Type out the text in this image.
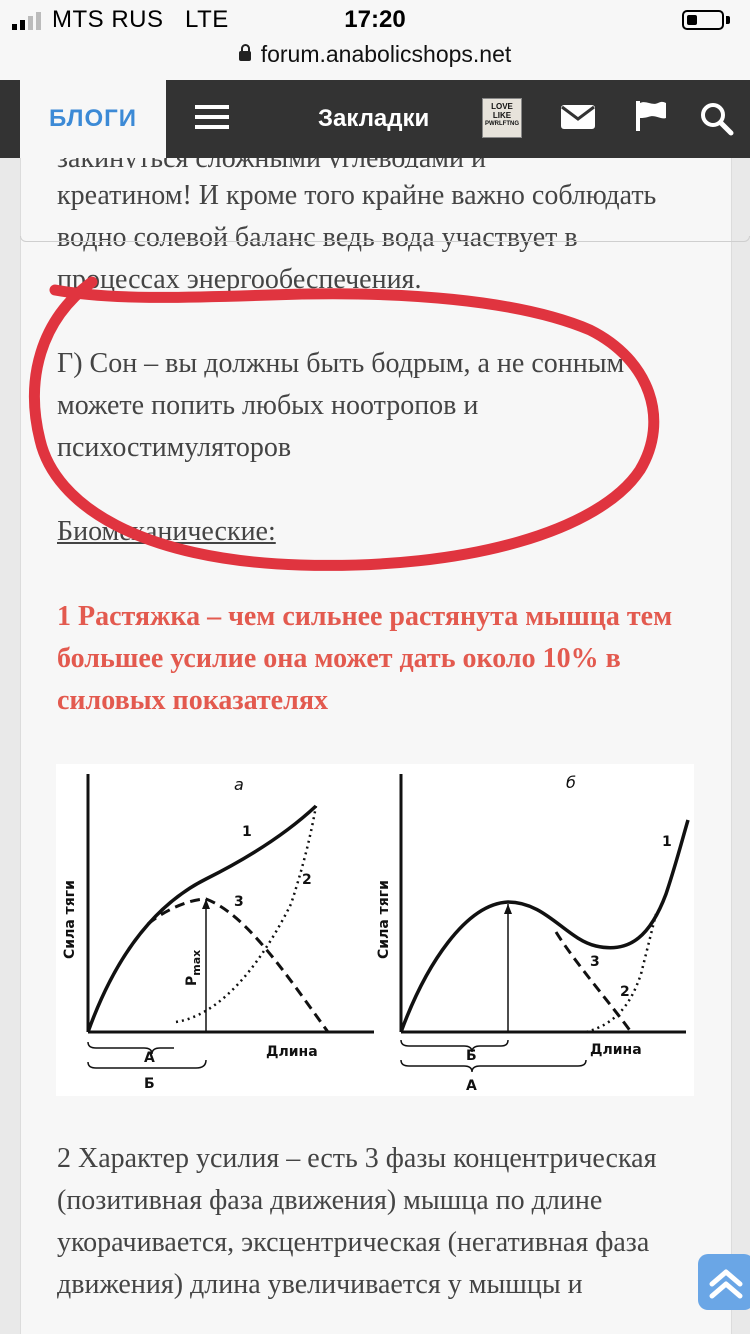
MTS RUS LTE	17:20
forum.anabolicshops.net

креатином! И кроме того крайне важно соблюдать водно солевой баланс ведь вода участвует в процессах энергообеспечения.

Г) Сон – вы должны быть бодрым, а не сонным можете попить любых ноотропов и психостимуляторов

Биомеханические:

1 Растяжка – чем сильнее растянута мышца тем большее усилие она может дать около 10% в силовых показателях

а
1
2
3
Длина
А
Б
Сила тяги
$P_{max}$
б
1
2
3
Длина
Б
А
Сила тяги

2 Характер усилия – есть 3 фазы концентрическая (позитивная фаза движения) мышца по длине укорачивается, эксцентрическая (негативная фаза движения) длина увеличивается у мышцы и

БЛОГИ	Закладки	LOVE
LIKE
PWRLFTNG
